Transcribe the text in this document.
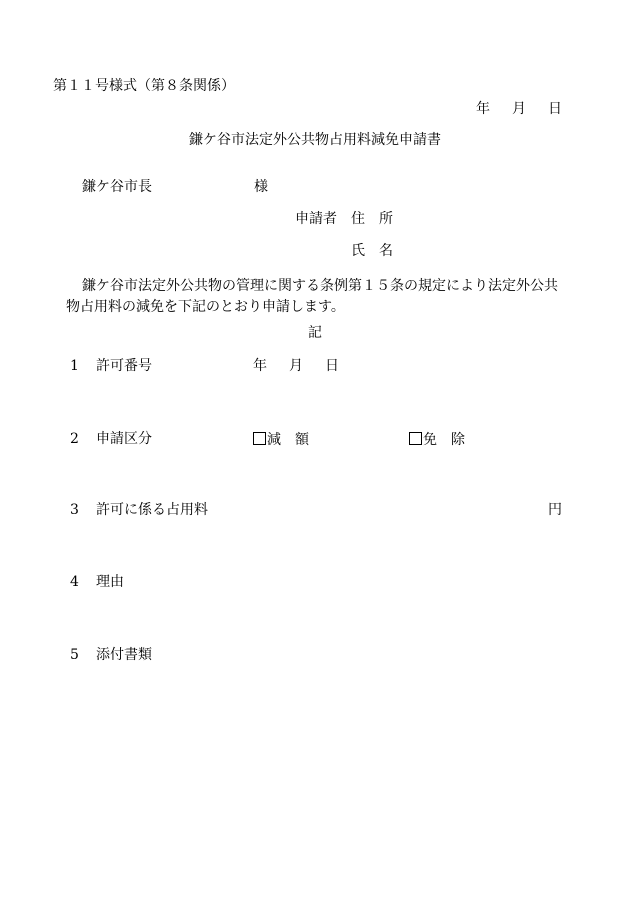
第１１号様式（第８条関係）
年 月 日
鎌ケ谷市法定外公共物占用料減免申請書
鎌ケ谷市長	様
申請者 住　所
氏　名
鎌ケ谷市法定外公共物の管理に関する条例第１５条の規定により法定外公共物占用料の減免を下記のとおり申請します。
記
1 許可番号	年 月 日
2 申請区分	減　額	免　除
3 許可に係る占用料	円
4 理由
5 添付書類
